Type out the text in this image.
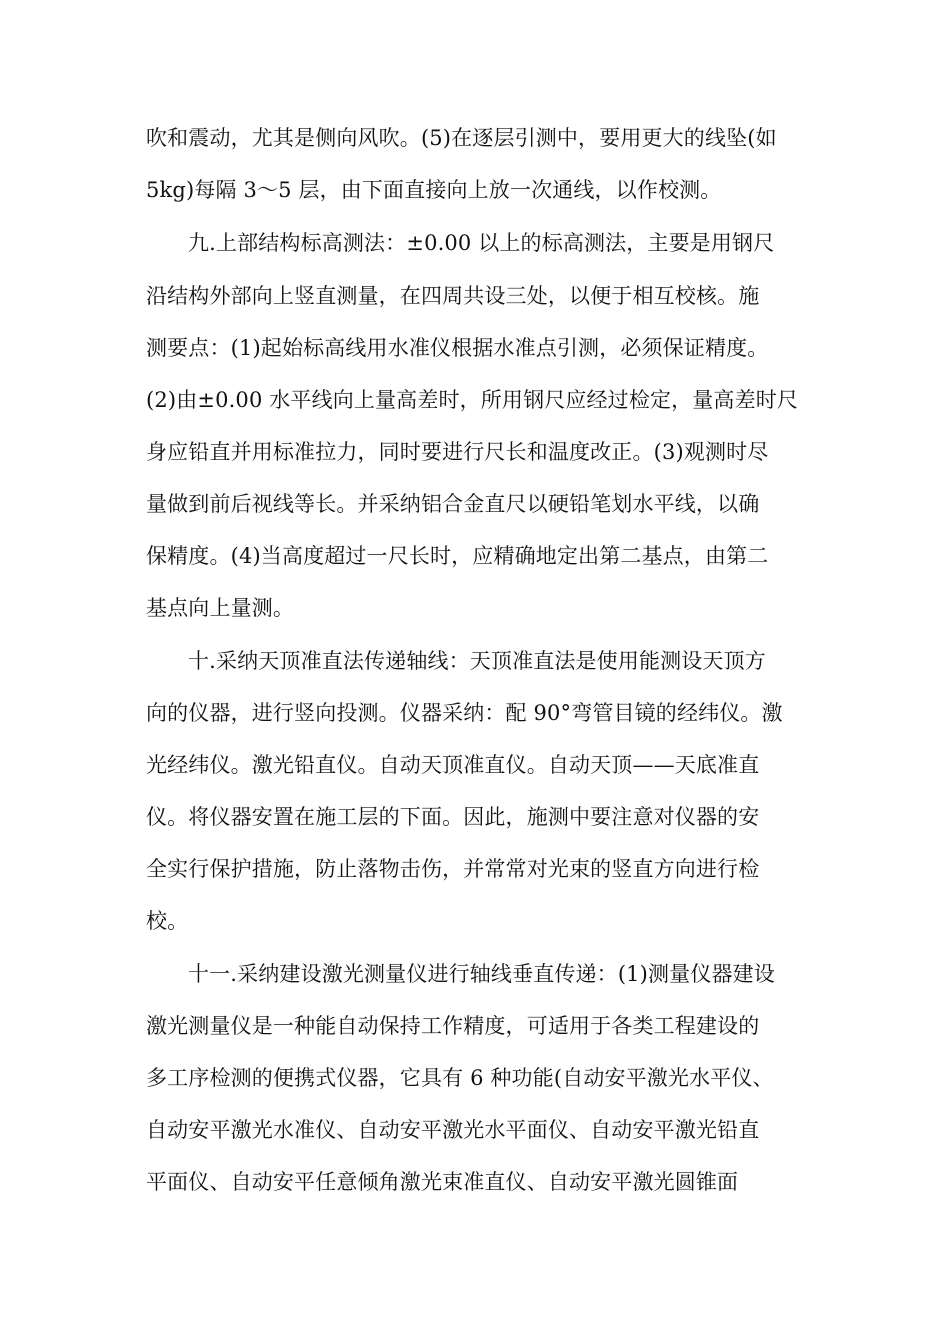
吹和震动，尤其是侧向风吹。(5)在逐层引测中，要用更大的线坠(如
5kg)每隔 3～5 层，由下面直接向上放一次通线，以作校测。
九.上部结构标高测法：±0.00 以上的标高测法，主要是用钢尺
沿结构外部向上竖直测量，在四周共设三处，以便于相互校核。施
测要点：(1)起始标高线用水准仪根据水准点引测，必须保证精度。
(2)由±0.00 水平线向上量高差时，所用钢尺应经过检定，量高差时尺
身应铅直并用标准拉力，同时要进行尺长和温度改正。(3)观测时尽
量做到前后视线等长。并采纳铝合金直尺以硬铅笔划水平线，以确
保精度。(4)当高度超过一尺长时，应精确地定出第二基点，由第二
基点向上量测。
十.采纳天顶准直法传递轴线：天顶准直法是使用能测设天顶方
向的仪器，进行竖向投测。仪器采纳：配 90°弯管目镜的经纬仪。激
光经纬仪。激光铅直仪。自动天顶准直仪。自动天顶——天底准直
仪。将仪器安置在施工层的下面。因此，施测中要注意对仪器的安
全实行保护措施，防止落物击伤，并常常对光束的竖直方向进行检
校。
十一.采纳建设激光测量仪进行轴线垂直传递：(1)测量仪器建设
激光测量仪是一种能自动保持工作精度，可适用于各类工程建设的
多工序检测的便携式仪器，它具有 6 种功能(自动安平激光水平仪、
自动安平激光水准仪、自动安平激光水平面仪、自动安平激光铅直
平面仪、自动安平任意倾角激光束准直仪、自动安平激光圆锥面
